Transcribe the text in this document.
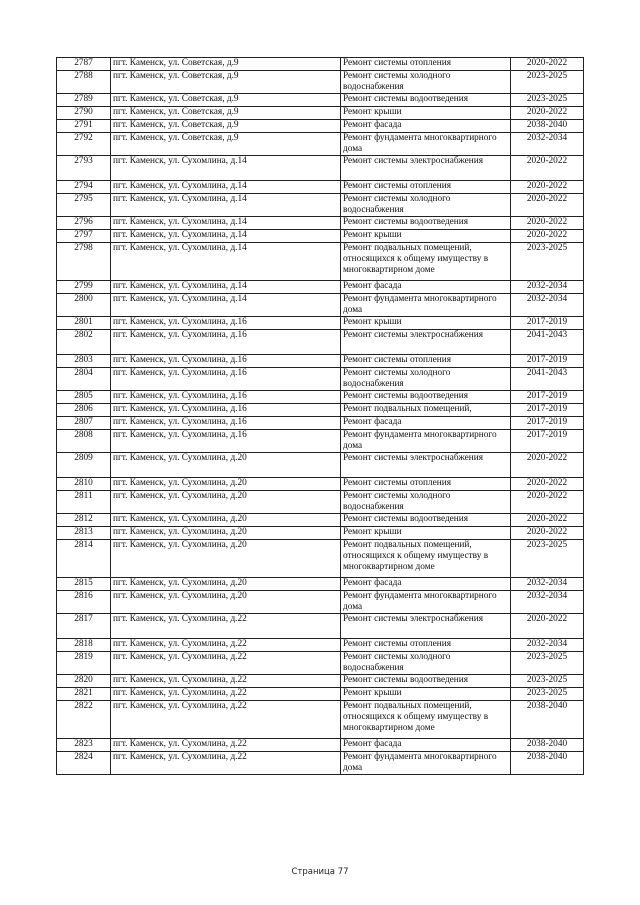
2787	пгт. Каменск, ул. Советская, д.9	Ремонт системы отопления	2020-2022
2788	пгт. Каменск, ул. Советская, д.9	Ремонт системы холодного водоснабжения	2023-2025
2789	пгт. Каменск, ул. Советская, д.9	Ремонт системы водоотведения	2023-2025
2790	пгт. Каменск, ул. Советская, д.9	Ремонт крыши	2020-2022
2791	пгт. Каменск, ул. Советская, д.9	Ремонт фасада	2038-2040
2792	пгт. Каменск, ул. Советская, д.9	Ремонт фундамента многоквартирного дома	2032-2034
2793	пгт. Каменск, ул. Сухомлина, д.14	Ремонт системы электроснабжения	2020-2022
2794	пгт. Каменск, ул. Сухомлина, д.14	Ремонт системы отопления	2020-2022
2795	пгт. Каменск, ул. Сухомлина, д.14	Ремонт системы холодного водоснабжения	2020-2022
2796	пгт. Каменск, ул. Сухомлина, д.14	Ремонт системы водоотведения	2020-2022
2797	пгт. Каменск, ул. Сухомлина, д.14	Ремонт крыши	2020-2022
2798	пгт. Каменск, ул. Сухомлина, д.14	Ремонт подвальных помещений, относящихся к общему имуществу в многоквартирном доме	2023-2025
2799	пгт. Каменск, ул. Сухомлина, д.14	Ремонт фасада	2032-2034
2800	пгт. Каменск, ул. Сухомлина, д.14	Ремонт фундамента многоквартирного дома	2032-2034
2801	пгт. Каменск, ул. Сухомлина, д.16	Ремонт крыши	2017-2019
2802	пгт. Каменск, ул. Сухомлина, д.16	Ремонт системы электроснабжения	2041-2043
2803	пгт. Каменск, ул. Сухомлина, д.16	Ремонт системы отопления	2017-2019
2804	пгт. Каменск, ул. Сухомлина, д.16	Ремонт системы холодного водоснабжения	2041-2043
2805	пгт. Каменск, ул. Сухомлина, д.16	Ремонт системы водоотведения	2017-2019
2806	пгт. Каменск, ул. Сухомлина, д.16	Ремонт подвальных помещений,	2017-2019
2807	пгт. Каменск, ул. Сухомлина, д.16	Ремонт фасада	2017-2019
2808	пгт. Каменск, ул. Сухомлина, д.16	Ремонт фундамента многоквартирного дома	2017-2019
2809	пгт. Каменск, ул. Сухомлина, д.20	Ремонт системы электроснабжения	2020-2022
2810	пгт. Каменск, ул. Сухомлина, д.20	Ремонт системы отопления	2020-2022
2811	пгт. Каменск, ул. Сухомлина, д.20	Ремонт системы холодного водоснабжения	2020-2022
2812	пгт. Каменск, ул. Сухомлина, д.20	Ремонт системы водоотведения	2020-2022
2813	пгт. Каменск, ул. Сухомлина, д.20	Ремонт крыши	2020-2022
2814	пгт. Каменск, ул. Сухомлина, д.20	Ремонт подвальных помещений, относящихся к общему имуществу в многоквартирном доме	2023-2025
2815	пгт. Каменск, ул. Сухомлина, д.20	Ремонт фасада	2032-2034
2816	пгт. Каменск, ул. Сухомлина, д.20	Ремонт фундамента многоквартирного дома	2032-2034
2817	пгт. Каменск, ул. Сухомлина, д.22	Ремонт системы электроснабжения	2020-2022
2818	пгт. Каменск, ул. Сухомлина, д.22	Ремонт системы отопления	2032-2034
2819	пгт. Каменск, ул. Сухомлина, д.22	Ремонт системы холодного водоснабжения	2023-2025
2820	пгт. Каменск, ул. Сухомлина, д.22	Ремонт системы водоотведения	2023-2025
2821	пгт. Каменск, ул. Сухомлина, д.22	Ремонт крыши	2023-2025
2822	пгт. Каменск, ул. Сухомлина, д.22	Ремонт подвальных помещений, относящихся к общему имуществу в многоквартирном доме	2038-2040
2823	пгт. Каменск, ул. Сухомлина, д.22	Ремонт фасада	2038-2040
2824	пгт. Каменск, ул. Сухомлина, д.22	Ремонт фундамента многоквартирного дома	2038-2040
Страница 77
